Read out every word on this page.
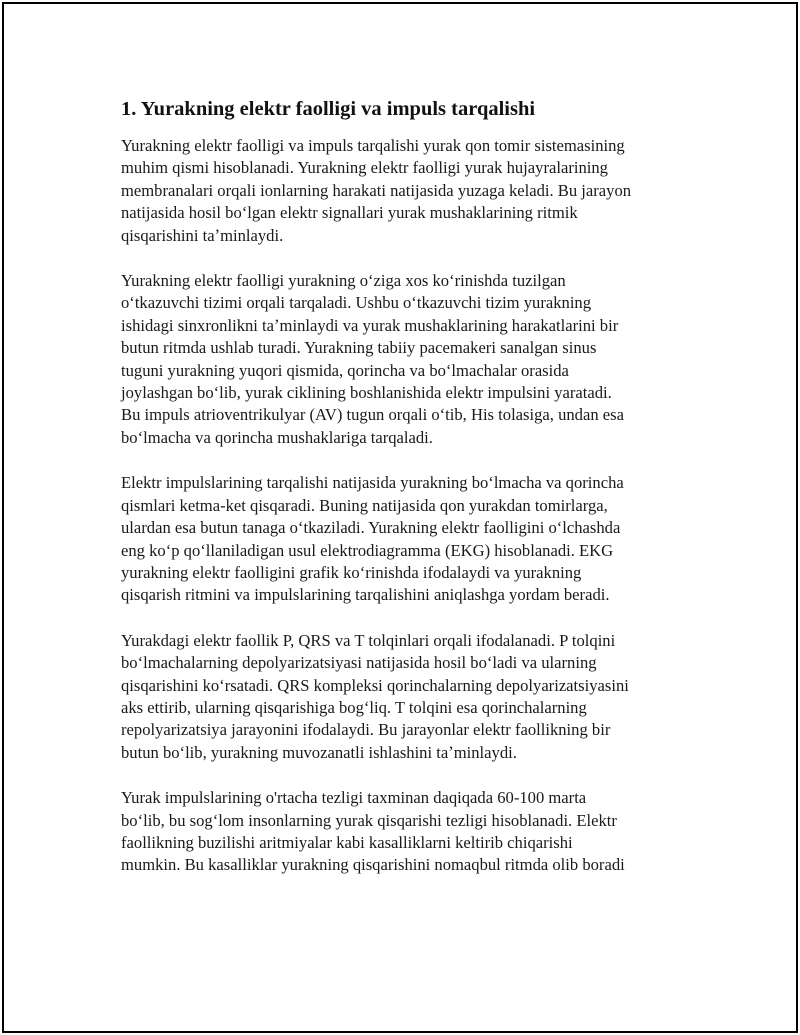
1. Yurakning elektr faolligi va impuls tarqalishi

Yurakning elektr faolligi va impuls tarqalishi yurak qon tomir sistemasining
muhim qismi hisoblanadi. Yurakning elektr faolligi yurak hujayralarining
membranalari orqali ionlarning harakati natijasida yuzaga keladi. Bu jarayon
natijasida hosil boʻlgan elektr signallari yurak mushaklarining ritmik
qisqarishini taʼminlaydi.

Yurakning elektr faolligi yurakning oʻziga xos koʻrinishda tuzilgan
oʻtkazuvchi tizimi orqali tarqaladi. Ushbu oʻtkazuvchi tizim yurakning
ishidagi sinxronlikni taʼminlaydi va yurak mushaklarining harakatlarini bir
butun ritmda ushlab turadi. Yurakning tabiiy pacemakeri sanalgan sinus
tuguni yurakning yuqori qismida, qorincha va boʻlmachalar orasida
joylashgan boʻlib, yurak ciklining boshlanishida elektr impulsini yaratadi.
Bu impuls atrioventrikulyar (AV) tugun orqali oʻtib, His tolasiga, undan esa
boʻlmacha va qorincha mushaklariga tarqaladi.

Elektr impulslarining tarqalishi natijasida yurakning boʻlmacha va qorincha
qismlari ketma-ket qisqaradi. Buning natijasida qon yurakdan tomirlarga,
ulardan esa butun tanaga oʻtkaziladi. Yurakning elektr faolligini oʻlchashda
eng koʻp qoʻllaniladigan usul elektrodiagramma (EKG) hisoblanadi. EKG
yurakning elektr faolligini grafik koʻrinishda ifodalaydi va yurakning
qisqarish ritmini va impulslarining tarqalishini aniqlashga yordam beradi.

Yurakdagi elektr faollik P, QRS va T tolqinlari orqali ifodalanadi. P tolqini
boʻlmachalarning depolyarizatsiyasi natijasida hosil boʻladi va ularning
qisqarishini koʻrsatadi. QRS kompleksi qorinchalarning depolyarizatsiyasini
aks ettirib, ularning qisqarishiga bogʻliq. T tolqini esa qorinchalarning
repolyarizatsiya jarayonini ifodalaydi. Bu jarayonlar elektr faollikning bir
butun boʻlib, yurakning muvozanatli ishlashini taʼminlaydi.

Yurak impulslarining o'rtacha tezligi taxminan daqiqada 60-100 marta
boʻlib, bu sogʻlom insonlarning yurak qisqarishi tezligi hisoblanadi. Elektr
faollikning buzilishi aritmiyalar kabi kasalliklarni keltirib chiqarishi
mumkin. Bu kasalliklar yurakning qisqarishini nomaqbul ritmda olib boradi
